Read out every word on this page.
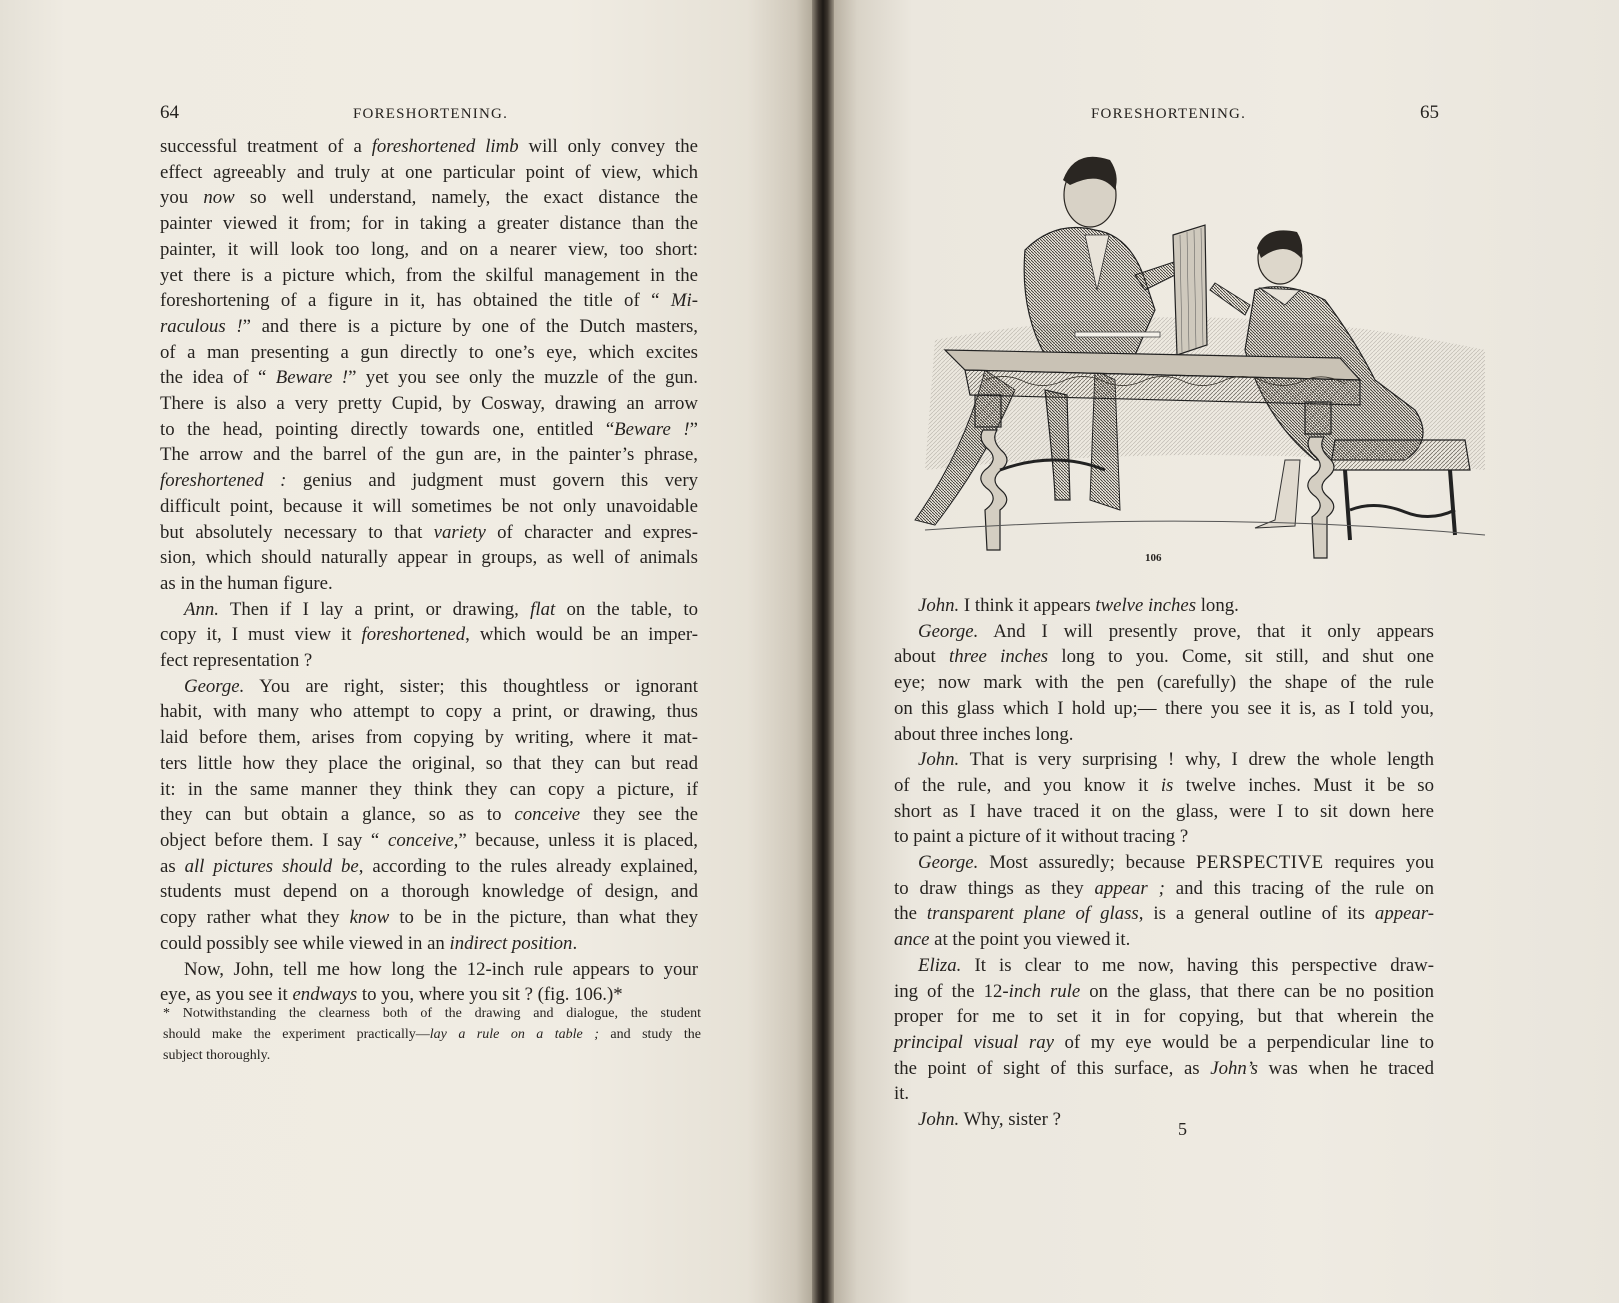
64	FORESHORTENING.
successful treatment of a foreshortened limb will only convey the
effect agreeably and truly at one particular point of view, which
you now so well understand, namely, the exact distance the
painter viewed it from; for in taking a greater distance than the
painter, it will look too long, and on a nearer view, too short:
yet there is a picture which, from the skilful management in the
foreshortening of a figure in it, has obtained the title of “ Mi-
raculous !” and there is a picture by one of the Dutch masters,
of a man presenting a gun directly to one’s eye, which excites
the idea of “ Beware !” yet you see only the muzzle of the gun.
There is also a very pretty Cupid, by Cosway, drawing an arrow
to the head, pointing directly towards one, entitled “Beware !”
The arrow and the barrel of the gun are, in the painter’s phrase,
foreshortened : genius and judgment must govern this very
difficult point, because it will sometimes be not only unavoidable
but absolutely necessary to that variety of character and expres-
sion, which should naturally appear in groups, as well of animals
as in the human figure.
Ann. Then if I lay a print, or drawing, flat on the table, to
copy it, I must view it foreshortened, which would be an imper-
fect representation ?
George. You are right, sister; this thoughtless or ignorant
habit, with many who attempt to copy a print, or drawing, thus
laid before them, arises from copying by writing, where it mat-
ters little how they place the original, so that they can but read
it: in the same manner they think they can copy a picture, if
they can but obtain a glance, so as to conceive they see the
object before them. I say “ conceive,” because, unless it is placed,
as all pictures should be, according to the rules already explained,
students must depend on a thorough knowledge of design, and
copy rather what they know to be in the picture, than what they
could possibly see while viewed in an indirect position.
Now, John, tell me how long the 12-inch rule appears to your
eye, as you see it endways to you, where you sit ? (fig. 106.)*
* Notwithstanding the clearness both of the drawing and dialogue, the student
should make the experiment practically—lay a rule on a table ; and study the
subject thoroughly.
FORESHORTENING.	65
106
John. I think it appears twelve inches long.
George. And I will presently prove, that it only appears
about three inches long to you. Come, sit still, and shut one
eye; now mark with the pen (carefully) the shape of the rule
on this glass which I hold up;— there you see it is, as I told you,
about three inches long.
John. That is very surprising ! why, I drew the whole length
of the rule, and you know it is twelve inches. Must it be so
short as I have traced it on the glass, were I to sit down here
to paint a picture of it without tracing ?
George. Most assuredly; because PERSPECTIVE requires you
to draw things as they appear ; and this tracing of the rule on
the transparent plane of glass, is a general outline of its appear-
ance at the point you viewed it.
Eliza. It is clear to me now, having this perspective draw-
ing of the 12-inch rule on the glass, that there can be no position
proper for me to set it in for copying, but that wherein the
principal visual ray of my eye would be a perpendicular line to
the point of sight of this surface, as John’s was when he traced
it.
John. Why, sister ?	5
